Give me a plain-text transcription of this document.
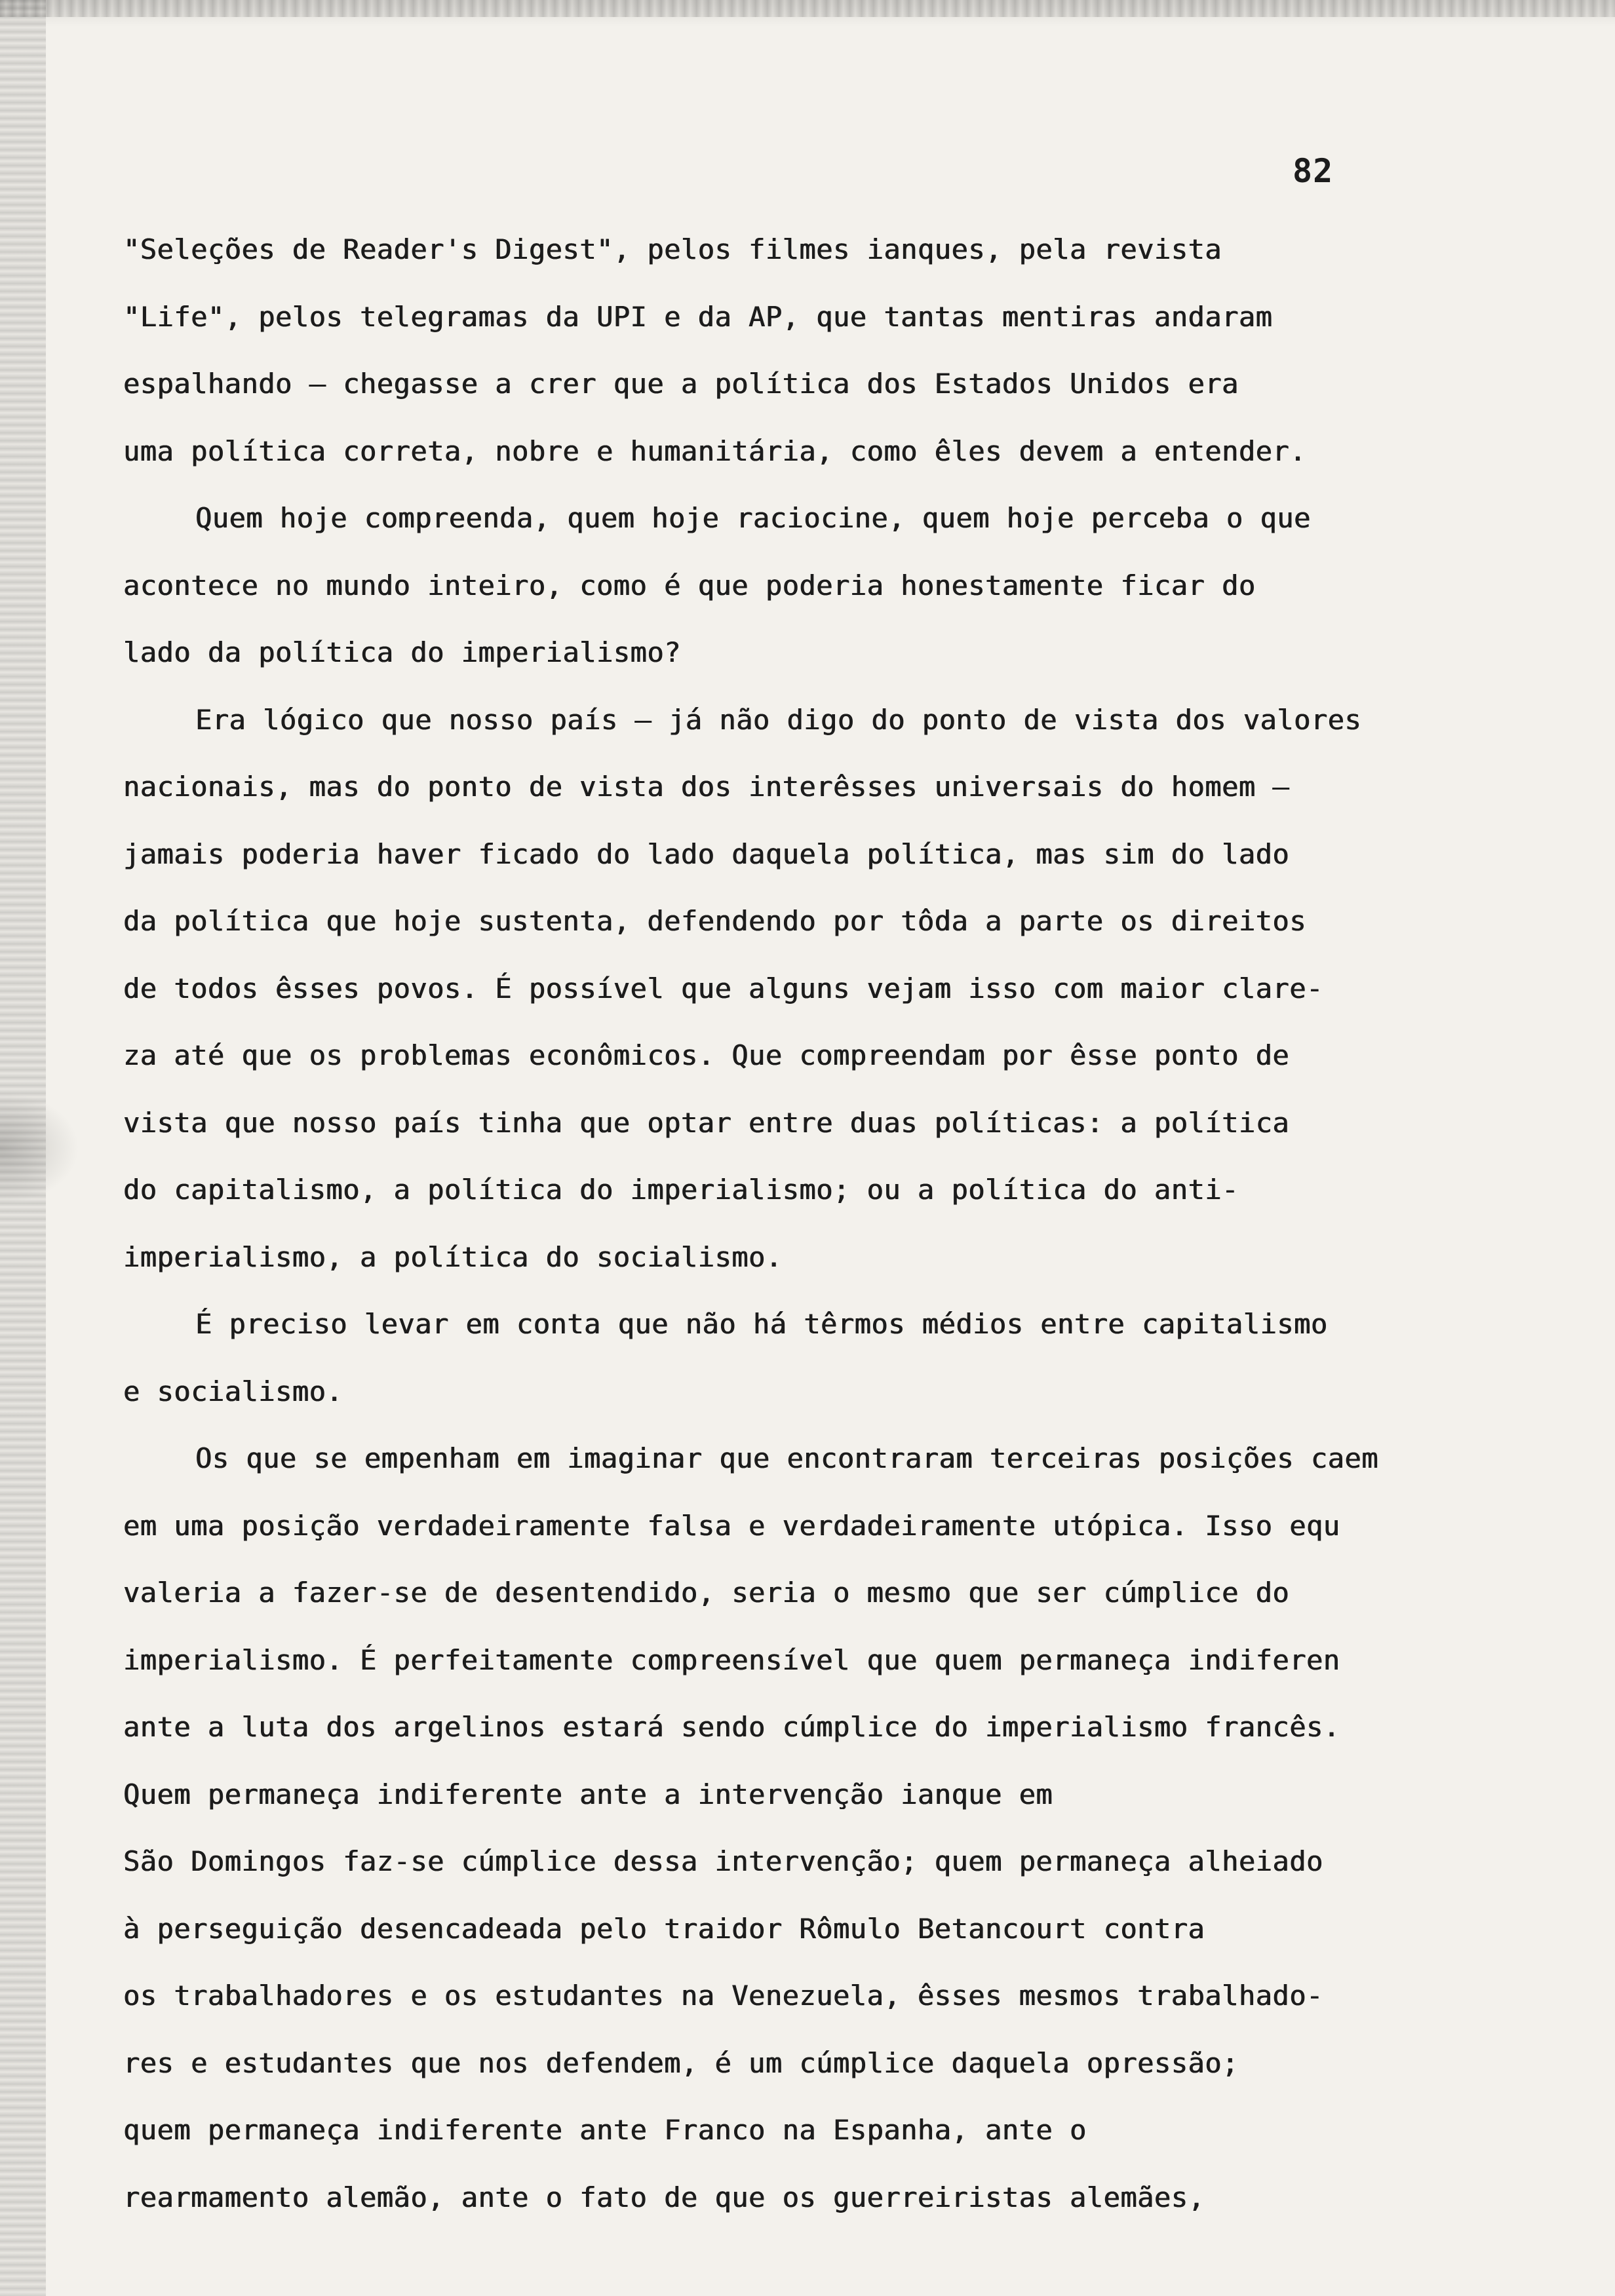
82
"Seleções de Reader's Digest", pelos filmes ianques, pela revista
"Life", pelos telegramas da UPI e da AP, que tantas mentiras andaram
espalhando – chegasse a crer que a política dos Estados Unidos era
uma política correta, nobre e humanitária, como êles devem a entender.
Quem hoje compreenda, quem hoje raciocine, quem hoje perceba o que
acontece no mundo inteiro, como é que poderia honestamente ficar do
lado da política do imperialismo?
Era lógico que nosso país – já não digo do ponto de vista dos valores
nacionais, mas do ponto de vista dos interêsses universais do homem –
jamais poderia haver ficado do lado daquela política, mas sim do lado
da política que hoje sustenta, defendendo por tôda a parte os direitos
de todos êsses povos. É possível que alguns vejam isso com maior clare-
za até que os problemas econômicos. Que compreendam por êsse ponto de
vista que nosso país tinha que optar entre duas políticas: a política
do capitalismo, a política do imperialismo; ou a política do anti-
imperialismo, a política do socialismo.
É preciso levar em conta que não há têrmos médios entre capitalismo
e socialismo.
Os que se empenham em imaginar que encontraram terceiras posições caem
em uma posição verdadeiramente falsa e verdadeiramente utópica. Isso equ
valeria a fazer-se de desentendido, seria o mesmo que ser cúmplice do
imperialismo. É perfeitamente compreensível que quem permaneça indiferen
ante a luta dos argelinos estará sendo cúmplice do imperialismo francês.
Quem permaneça indiferente ante a intervenção ianque em
São Domingos faz-se cúmplice dessa intervenção; quem permaneça alheiado
à perseguição desencadeada pelo traidor Rômulo Betancourt contra
os trabalhadores e os estudantes na Venezuela, êsses mesmos trabalhado-
res e estudantes que nos defendem, é um cúmplice daquela opressão;
quem permaneça indiferente ante Franco na Espanha, ante o
rearmamento alemão, ante o fato de que os guerreiristas alemães,
